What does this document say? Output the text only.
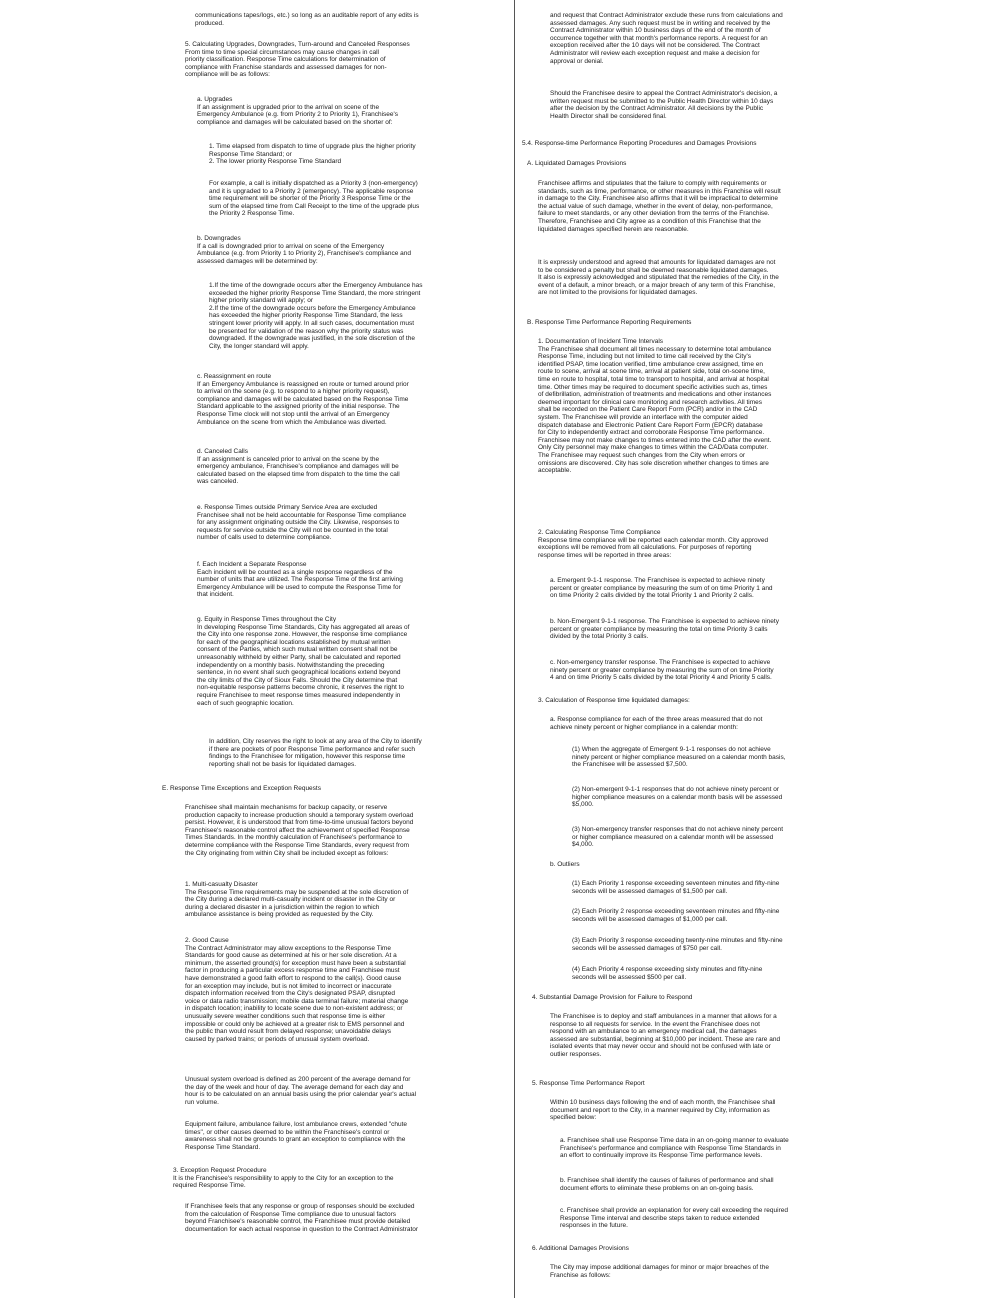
communications tapes/logs, etc.) so long as an auditable report of any edits is
produced.

5. Calculating Upgrades, Downgrades, Turn-around and Canceled Responses
From time to time special circumstances may cause changes in call
priority classification. Response Time calculations for determination of
compliance with Franchise standards and assessed damages for non-
compliance will be as follows:

a. Upgrades
If an assignment is upgraded prior to the arrival on scene of the
Emergency Ambulance (e.g. from Priority 2 to Priority 1), Franchisee's
compliance and damages will be calculated based on the shorter of:

1. Time elapsed from dispatch to time of upgrade plus the higher priority
Response Time Standard; or
2. The lower priority Response Time Standard

For example, a call is initially dispatched as a Priority 3 (non-emergency)
and it is upgraded to a Priority 2 (emergency). The applicable response
time requirement will be shorter of the Priority 3 Response Time or the
sum of the elapsed time from Call Receipt to the time of the upgrade plus
the Priority 2 Response Time.

b. Downgrades
If a call is downgraded prior to arrival on scene of the Emergency
Ambulance (e.g. from Priority 1 to Priority 2), Franchisee's compliance and
assessed damages will be determined by:

1.If the time of the downgrade occurs after the Emergency Ambulance has
exceeded the higher priority Response Time Standard, the more stringent
higher priority standard will apply; or
2.If the time of the downgrade occurs before the Emergency Ambulance
has exceeded the higher priority Response Time Standard, the less
stringent lower priority will apply. In all such cases, documentation must
be presented for validation of the reason why the priority status was
downgraded. If the downgrade was justified, in the sole discretion of the
City, the longer standard will apply.

c. Reassignment en route
If an Emergency Ambulance is reassigned en route or turned around prior
to arrival on the scene (e.g. to respond to a higher priority request),
compliance and damages will be calculated based on the Response Time
Standard applicable to the assigned priority of the initial response. The
Response Time clock will not stop until the arrival of an Emergency
Ambulance on the scene from which the Ambulance was diverted.

d. Canceled Calls
If an assignment is canceled prior to arrival on the scene by the
emergency ambulance, Franchisee's compliance and damages will be
calculated based on the elapsed time from dispatch to the time the call
was canceled.

e. Response Times outside Primary Service Area are excluded
Franchisee shall not be held accountable for Response Time compliance
for any assignment originating outside the City. Likewise, responses to
requests for service outside the City will not be counted in the total
number of calls used to determine compliance.

f. Each Incident a Separate Response
Each incident will be counted as a single response regardless of the
number of units that are utilized. The Response Time of the first arriving
Emergency Ambulance will be used to compute the Response Time for
that incident.

g. Equity in Response Times throughout the City
In developing Response Time Standards, City has aggregated all areas of
the City into one response zone. However, the response time compliance
for each of the geographical locations established by mutual written
consent of the Parties, which such mutual written consent shall not be
unreasonably withheld by either Party, shall be calculated and reported
independently on a monthly basis. Notwithstanding the preceding
sentence, in no event shall such geographical locations extend beyond
the city limits of the City of Sioux Falls. Should the City determine that
non-equitable response patterns become chronic, it reserves the right to
require Franchisee to meet response times measured independently in
each of such geographic location.

In addition, City reserves the right to look at any area of the City to identify
if there are pockets of poor Response Time performance and refer such
findings to the Franchisee for mitigation, however this response time
reporting shall not be basis for liquidated damages.

E. Response Time Exceptions and Exception Requests

Franchisee shall maintain mechanisms for backup capacity, or reserve
production capacity to increase production should a temporary system overload
persist. However, it is understood that from time-to-time unusual factors beyond
Franchisee's reasonable control affect the achievement of specified Response
Times Standards. In the monthly calculation of Franchisee's performance to
determine compliance with the Response Time Standards, every request from
the City originating from within City shall be included except as follows:

1. Multi-casualty Disaster
The Response Time requirements may be suspended at the sole discretion of
the City during a declared multi-casualty incident or disaster in the City or
during a declared disaster in a jurisdiction within the region to which
ambulance assistance is being provided as requested by the City.

2. Good Cause
The Contract Administrator may allow exceptions to the Response Time
Standards for good cause as determined at his or her sole discretion. At a
minimum, the asserted ground(s) for exception must have been a substantial
factor in producing a particular excess response time and Franchisee must
have demonstrated a good faith effort to respond to the call(s). Good cause
for an exception may include, but is not limited to incorrect or inaccurate
dispatch information received from the City's designated PSAP, disrupted
voice or data radio transmission; mobile data terminal failure; material change
in dispatch location; inability to locate scene due to non-existent address; or
unusually severe weather conditions such that response time is either
impossible or could only be achieved at a greater risk to EMS personnel and
the public than would result from delayed response; unavoidable delays
caused by parked trains; or periods of unusual system overload.

Unusual system overload is defined as 200 percent of the average demand for
the day of the week and hour of day. The average demand for each day and
hour is to be calculated on an annual basis using the prior calendar year's actual
run volume.

Equipment failure, ambulance failure, lost ambulance crews, extended "chute
times", or other causes deemed to be within the Franchisee's control or
awareness shall not be grounds to grant an exception to compliance with the
Response Time Standard.

3. Exception Request Procedure
It is the Franchisee's responsibility to apply to the City for an exception to the
required Response Time.

If Franchisee feels that any response or group of responses should be excluded
from the calculation of Response Time compliance due to unusual factors
beyond Franchisee's reasonable control, the Franchisee must provide detailed
documentation for each actual response in question to the Contract Administrator

and request that Contract Administrator exclude these runs from calculations and
assessed damages. Any such request must be in writing and received by the
Contract Administrator within 10 business days of the end of the month of
occurrence together with that month's performance reports. A request for an
exception received after the 10 days will not be considered. The Contract
Administrator will review each exception request and make a decision for
approval or denial.

Should the Franchisee desire to appeal the Contract Administrator's decision, a
written request must be submitted to the Public Health Director within 10 days
after the decision by the Contract Administrator. All decisions by the Public
Health Director shall be considered final.

5.4. Response-time Performance Reporting Procedures and Damages Provisions

A. Liquidated Damages Provisions

Franchisee affirms and stipulates that the failure to comply with requirements or
standards, such as time, performance, or other measures in this Franchise will result
in damage to the City. Franchisee also affirms that it will be impractical to determine
the actual value of such damage, whether in the event of delay, non-performance,
failure to meet standards, or any other deviation from the terms of the Franchise.
Therefore, Franchisee and City agree as a condition of this Franchise that the
liquidated damages specified herein are reasonable.

It is expressly understood and agreed that amounts for liquidated damages are not
to be considered a penalty but shall be deemed reasonable liquidated damages.
It also is expressly acknowledged and stipulated that the remedies of the City, in the
event of a default, a minor breach, or a major breach of any term of this Franchise,
are not limited to the provisions for liquidated damages.

B. Response Time Performance Reporting Requirements

1. Documentation of Incident Time Intervals
The Franchisee shall document all times necessary to determine total ambulance
Response Time, including but not limited to time call received by the City's
identified PSAP, time location verified, time ambulance crew assigned, time en
route to scene, arrival at scene time, arrival at patient side, total on-scene time,
time en route to hospital, total time to transport to hospital, and arrival at hospital
time. Other times may be required to document specific activities such as, times
of defibrillation, administration of treatments and medications and other instances
deemed important for clinical care monitoring and research activities. All times
shall be recorded on the Patient Care Report Form (PCR) and/or in the CAD
system. The Franchisee will provide an interface with the computer aided
dispatch database and Electronic Patient Care Report Form (EPCR) database
for City to independently extract and corroborate Response Time performance.
Franchisee may not make changes to times entered into the CAD after the event.
Only City personnel may make changes to times within the CAD/Data computer.
The Franchisee may request such changes from the City when errors or
omissions are discovered. City has sole discretion whether changes to times are
acceptable.

2. Calculating Response Time Compliance
Response time compliance will be reported each calendar month. City approved
exceptions will be removed from all calculations. For purposes of reporting
response times will be reported in three areas:

a. Emergent 9-1-1 response. The Franchisee is expected to achieve ninety
percent or greater compliance by measuring the sum of on time Priority 1 and
on time Priority 2 calls divided by the total Priority 1 and Priority 2 calls.

b. Non-Emergent 9-1-1 response. The Franchisee is expected to achieve ninety
percent or greater compliance by measuring the total on time Priority 3 calls
divided by the total Priority 3 calls.

c. Non-emergency transfer response. The Franchisee is expected to achieve
ninety percent or greater compliance by measuring the sum of on time Priority
4 and on time Priority 5 calls divided by the total Priority 4 and Priority 5 calls.

3. Calculation of Response time liquidated damages:

a. Response compliance for each of the three areas measured that do not
achieve ninety percent or higher compliance in a calendar month:

(1) When the aggregate of Emergent 9-1-1 responses do not achieve
ninety percent or higher compliance measured on a calendar month basis,
the Franchisee will be assessed $7,500.

(2) Non-emergent 9-1-1 responses that do not achieve ninety percent or
higher compliance measures on a calendar month basis will be assessed
$5,000.

(3) Non-emergency transfer responses that do not achieve ninety percent
or higher compliance measured on a calendar month will be assessed
$4,000.

b. Outliers

(1) Each Priority 1 response exceeding seventeen minutes and fifty-nine
seconds will be assessed damages of $1,500 per call.

(2) Each Priority 2 response exceeding seventeen minutes and fifty-nine
seconds will be assessed damages of $1,000 per call.

(3) Each Priority 3 response exceeding twenty-nine minutes and fifty-nine
seconds will be assessed damages of $750 per call.

(4) Each Priority 4 response exceeding sixty minutes and fifty-nine
seconds will be assessed $500 per call.

4. Substantial Damage Provision for Failure to Respond

The Franchisee is to deploy and staff ambulances in a manner that allows for a
response to all requests for service. In the event the Franchisee does not
respond with an ambulance to an emergency medical call, the damages
assessed are substantial, beginning at $10,000 per incident. These are rare and
isolated events that may never occur and should not be confused with late or
outlier responses.

5. Response Time Performance Report

Within 10 business days following the end of each month, the Franchisee shall
document and report to the City, in a manner required by City, information as
specified below:

a. Franchisee shall use Response Time data in an on-going manner to evaluate
Franchisee's performance and compliance with Response Time Standards in
an effort to continually improve its Response Time performance levels.

b. Franchisee shall identify the causes of failures of performance and shall
document efforts to eliminate these problems on an on-going basis.

c. Franchisee shall provide an explanation for every call exceeding the required
Response Time interval and describe steps taken to reduce extended
responses in the future.

6. Additional Damages Provisions

The City may impose additional damages for minor or major breaches of the
Franchise as follows:
